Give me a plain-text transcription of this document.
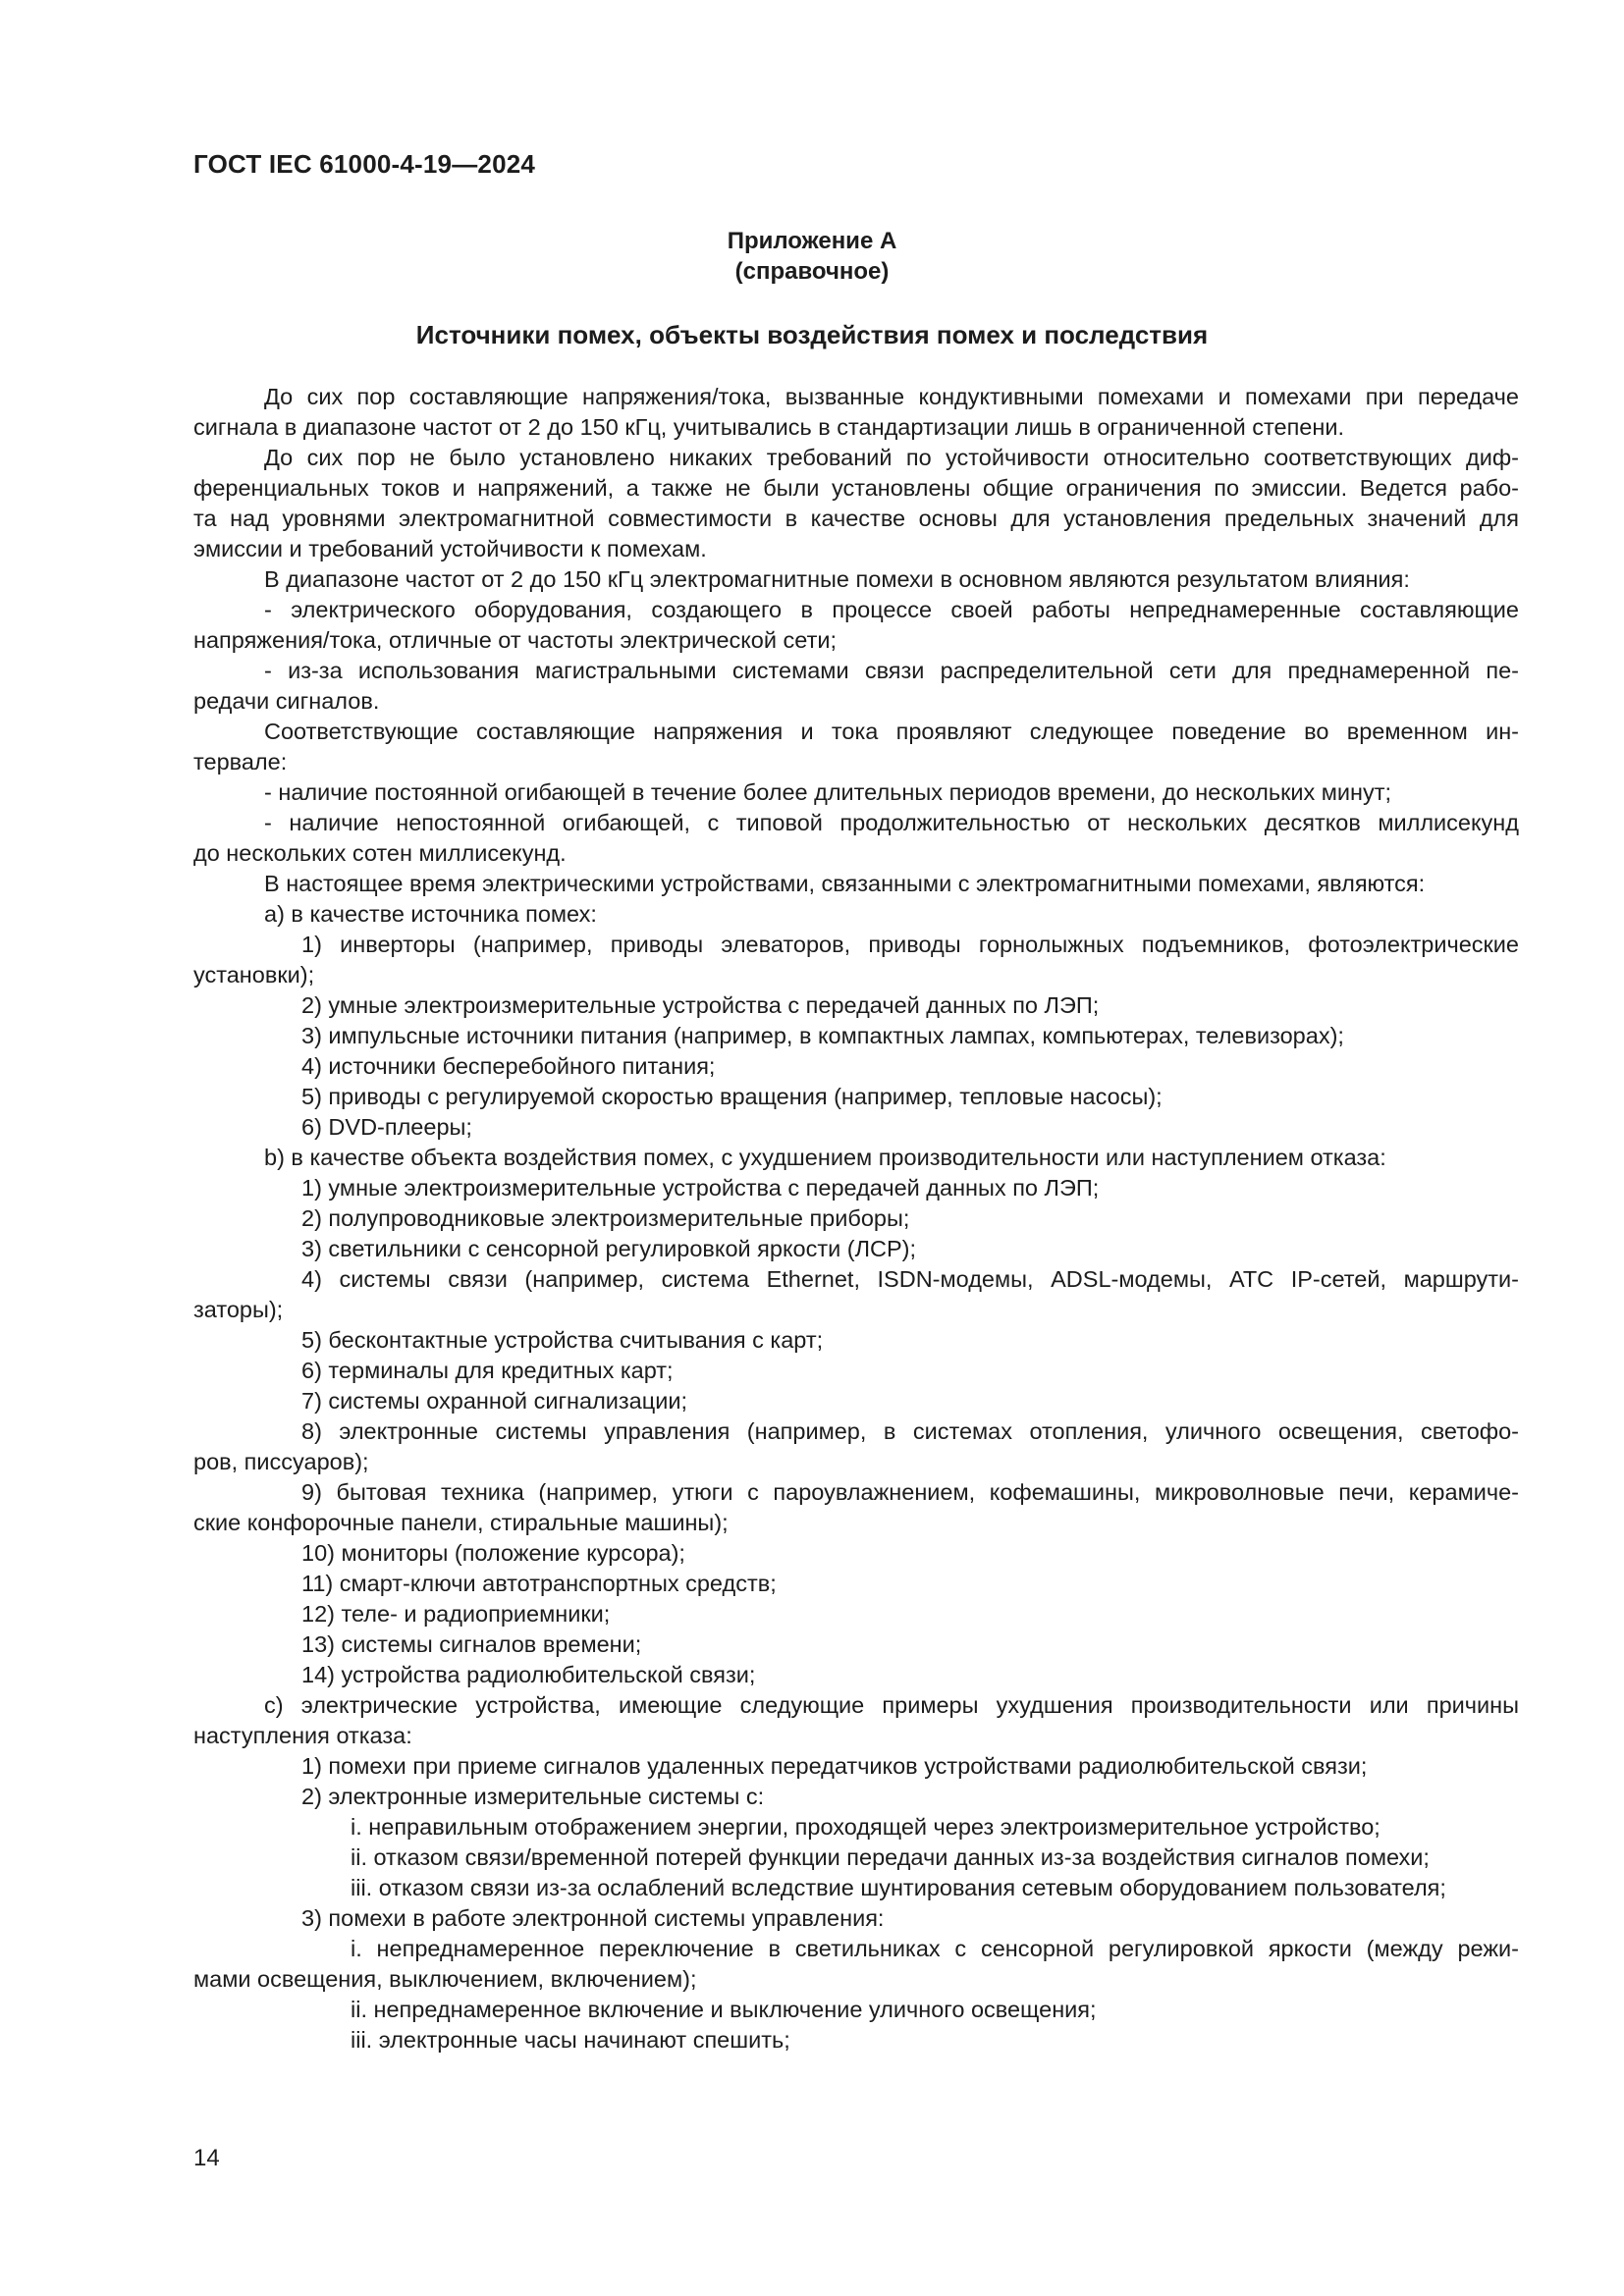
ГОСТ IEC 61000-4-19—2024
Приложение А
(справочное)
Источники помех, объекты воздействия помех и последствия
До сих пор составляющие напряжения/тока, вызванные кондуктивными помехами и помехами при передаче
сигнала в диапазоне частот от 2 до 150 кГц, учитывались в стандартизации лишь в ограниченной степени.
До сих пор не было установлено никаких требований по устойчивости относительно соответствующих диф-
ференциальных токов и напряжений, а также не были установлены общие ограничения по эмиссии. Ведется рабо-
та над уровнями электромагнитной совместимости в качестве основы для установления предельных значений для
эмиссии и требований устойчивости к помехам.
В диапазоне частот от 2 до 150 кГц электромагнитные помехи в основном являются результатом влияния:
- электрического оборудования, создающего в процессе своей работы непреднамеренные составляющие
напряжения/тока, отличные от частоты электрической сети;
- из-за использования магистральными системами связи распределительной сети для преднамеренной пе-
редачи сигналов.
Соответствующие составляющие напряжения и тока проявляют следующее поведение во временном ин-
тервале:
- наличие постоянной огибающей в течение более длительных периодов времени, до нескольких минут;
- наличие непостоянной огибающей, с типовой продолжительностью от нескольких десятков миллисекунд
до нескольких сотен миллисекунд.
В настоящее время электрическими устройствами, связанными с электромагнитными помехами, являются:
a) в качестве источника помех:
1) инверторы (например, приводы элеваторов, приводы горнолыжных подъемников, фотоэлектрические
установки);
2) умные электроизмерительные устройства с передачей данных по ЛЭП;
3) импульсные источники питания (например, в компактных лампах, компьютерах, телевизорах);
4) источники бесперебойного питания;
5) приводы с регулируемой скоростью вращения (например, тепловые насосы);
6) DVD-плееры;
b) в качестве объекта воздействия помех, с ухудшением производительности или наступлением отказа:
1) умные электроизмерительные устройства с передачей данных по ЛЭП;
2) полупроводниковые электроизмерительные приборы;
3) светильники с сенсорной регулировкой яркости (ЛСР);
4) системы связи (например, система Ethernet, ISDN-модемы, ADSL-модемы, АТС IP-сетей, маршрути-
заторы);
5) бесконтактные устройства считывания с карт;
6) терминалы для кредитных карт;
7) системы охранной сигнализации;
8) электронные системы управления (например, в системах отопления, уличного освещения, светофо-
ров, писсуаров);
9) бытовая техника (например, утюги с пароувлажнением, кофемашины, микроволновые печи, керамиче-
ские конфорочные панели, стиральные машины);
10) мониторы (положение курсора);
11) смарт-ключи автотранспортных средств;
12) теле- и радиоприемники;
13) системы сигналов времени;
14) устройства радиолюбительской связи;
c) электрические устройства, имеющие следующие примеры ухудшения производительности или причины
наступления отказа:
1) помехи при приеме сигналов удаленных передатчиков устройствами радиолюбительской связи;
2) электронные измерительные системы с:
i. неправильным отображением энергии, проходящей через электроизмерительное устройство;
ii. отказом связи/временной потерей функции передачи данных из-за воздействия сигналов помехи;
iii. отказом связи из-за ослаблений вследствие шунтирования сетевым оборудованием пользователя;
3) помехи в работе электронной системы управления:
i. непреднамеренное переключение в светильниках с сенсорной регулировкой яркости (между режи-
мами освещения, выключением, включением);
ii. непреднамеренное включение и выключение уличного освещения;
iii. электронные часы начинают спешить;
14
